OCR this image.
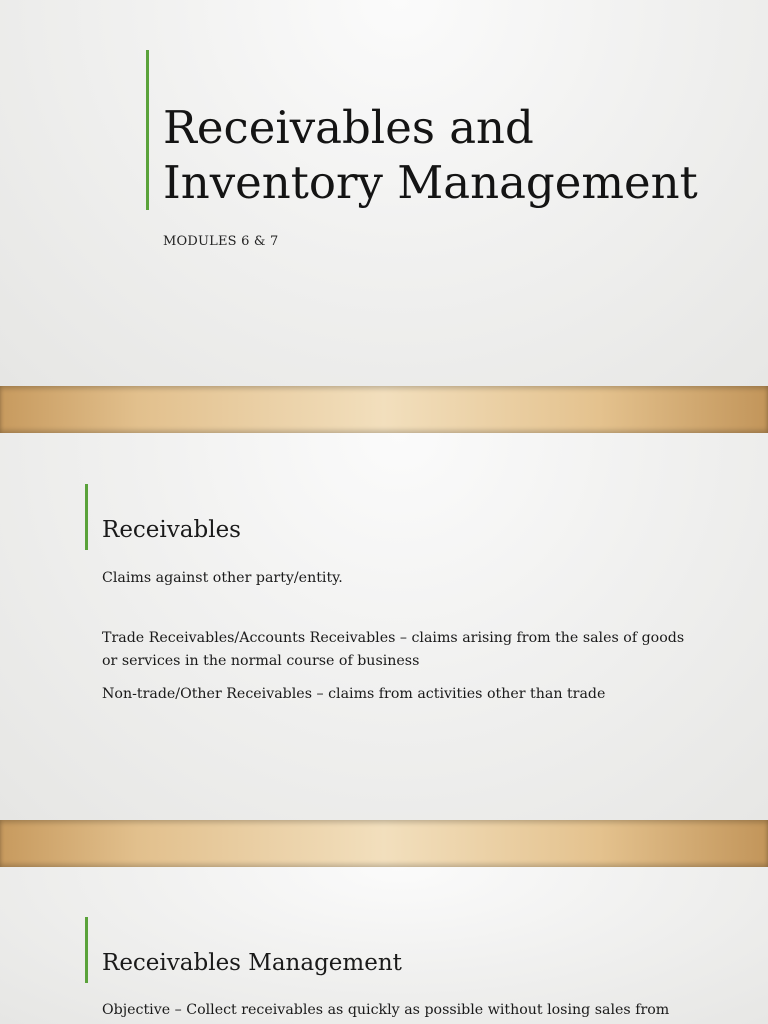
Receivables and
Inventory Management
MODULES 6 & 7
Receivables

Claims against other party/entity.

Trade Receivables/Accounts Receivables – claims arising from the sales of goods or services in the normal course of business

Non-trade/Other Receivables – claims from activities other than trade

Receivables Management

Objective – Collect receivables as quickly as possible without losing sales from
